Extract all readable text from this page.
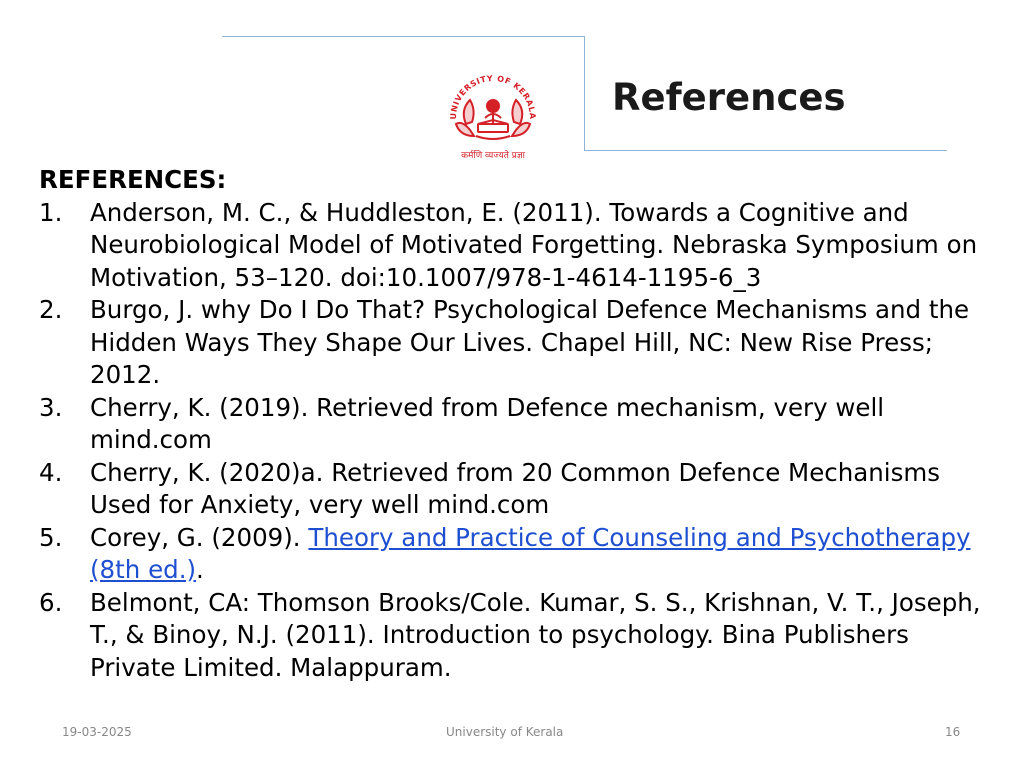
UNIVERSITY OF KERALA
कर्मणि व्यज्यते प्रज्ञा
References
REFERENCES:
1. Anderson, M. C., & Huddleston, E. (2011). Towards a Cognitive and Neurobiological Model of Motivated Forgetting. Nebraska Symposium on Motivation, 53–120. doi:10.1007/978-1-4614-1195-6_3
2. Burgo, J. why Do I Do That? Psychological Defence Mechanisms and the Hidden Ways They Shape Our Lives. Chapel Hill, NC: New Rise Press; 2012.
3. Cherry, K. (2019). Retrieved from Defence mechanism, very well mind.com
4. Cherry, K. (2020)a. Retrieved from 20 Common Defence Mechanisms Used for Anxiety, very well mind.com
5. Corey, G. (2009). Theory and Practice of Counseling and Psychotherapy (8th ed.).
6. Belmont, CA: Thomson Brooks/Cole. Kumar, S. S., Krishnan, V. T., Joseph, T., & Binoy, N.J. (2011). Introduction to psychology. Bina Publishers Private Limited. Malappuram.
19-03-2025	University of Kerala	16
